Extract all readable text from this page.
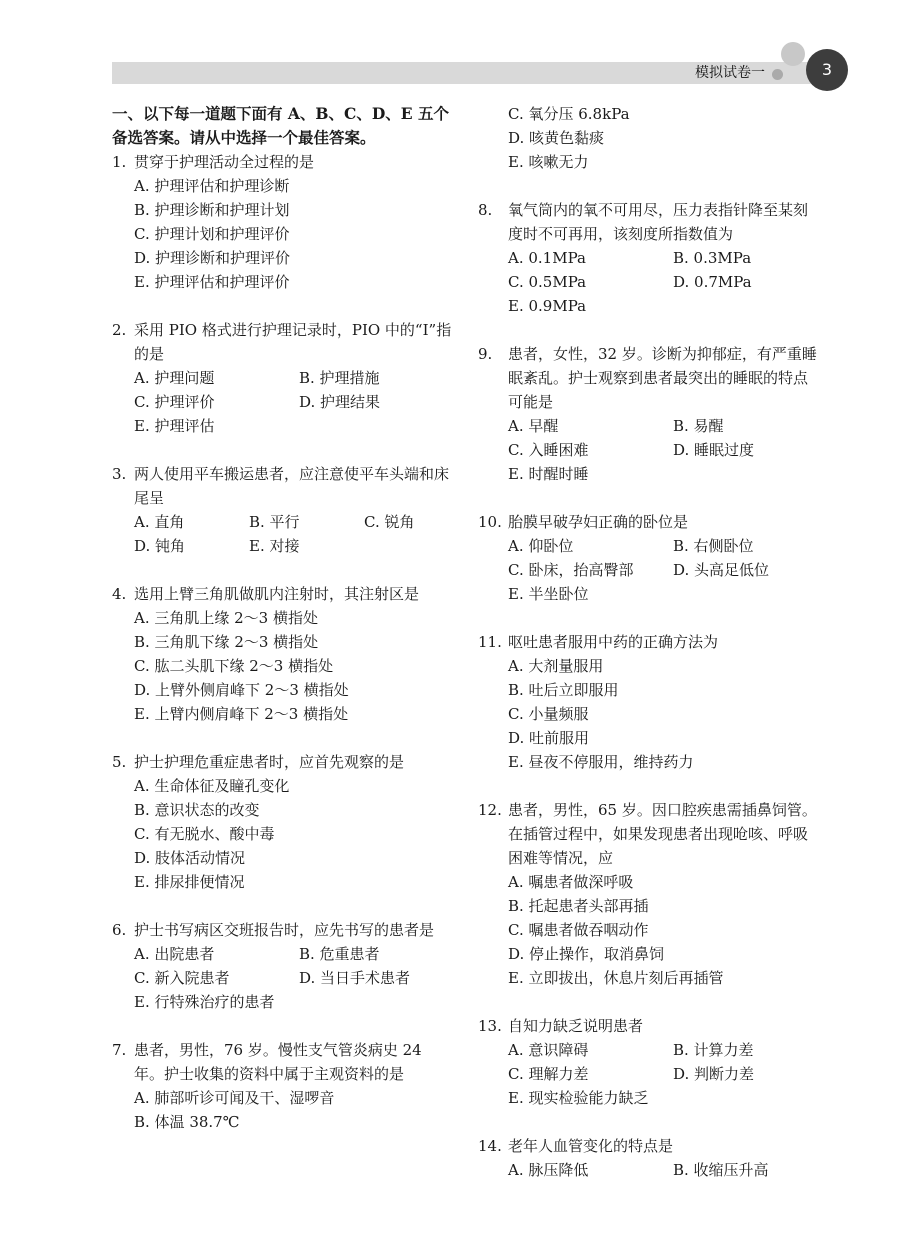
模拟试卷一	3

一、以下每一道题下面有 A、B、C、D、E 五个备选答案。请从中选择一个最佳答案。

1. 贯穿于护理活动全过程的是
A. 护理评估和护理诊断
B. 护理诊断和护理计划
C. 护理计划和护理评价
D. 护理诊断和护理评价
E. 护理评估和护理评价
2. 采用 PIO 格式进行护理记录时，PIO 中的“I”指的是
A. 护理问题	B. 护理措施
C. 护理评价	D. 护理结果
E. 护理评估
3. 两人使用平车搬运患者，应注意使平车头端和床尾呈
A. 直角	B. 平行	C. 锐角
D. 钝角	E. 对接
4. 选用上臂三角肌做肌内注射时，其注射区是
A. 三角肌上缘 2～3 横指处
B. 三角肌下缘 2～3 横指处
C. 肱二头肌下缘 2～3 横指处
D. 上臂外侧肩峰下 2～3 横指处
E. 上臂内侧肩峰下 2～3 横指处
5. 护士护理危重症患者时，应首先观察的是
A. 生命体征及瞳孔变化
B. 意识状态的改变
C. 有无脱水、酸中毒
D. 肢体活动情况
E. 排尿排便情况
6. 护士书写病区交班报告时，应先书写的患者是
A. 出院患者	B. 危重患者
C. 新入院患者	D. 当日手术患者
E. 行特殊治疗的患者
7. 患者，男性，76 岁。慢性支气管炎病史 24 年。护士收集的资料中属于主观资料的是
A. 肺部听诊可闻及干、湿啰音
B. 体温 38.7℃
C. 氧分压 6.8kPa
D. 咳黄色黏痰
E. 咳嗽无力
8.	氧气筒内的氧不可用尽，压力表指针降至某刻度时不可再用，该刻度所指数值为
A. 0.1MPa	B. 0.3MPa
C. 0.5MPa	D. 0.7MPa
E. 0.9MPa
9.	患者，女性，32 岁。诊断为抑郁症，有严重睡眠紊乱。护士观察到患者最突出的睡眠的特点可能是
A. 早醒	B. 易醒
C. 入睡困难	D. 睡眠过度
E. 时醒时睡
10. 胎膜早破孕妇正确的卧位是
A. 仰卧位	B. 右侧卧位
C. 卧床，抬高臀部	D. 头高足低位
E. 半坐卧位
11. 呕吐患者服用中药的正确方法为
A. 大剂量服用
B. 吐后立即服用
C. 小量频服
D. 吐前服用
E. 昼夜不停服用，维持药力
12. 患者，男性，65 岁。因口腔疾患需插鼻饲管。在插管过程中，如果发现患者出现呛咳、呼吸困难等情况，应
A. 嘱患者做深呼吸
B. 托起患者头部再插
C. 嘱患者做吞咽动作
D. 停止操作，取消鼻饲
E. 立即拔出，休息片刻后再插管
13. 自知力缺乏说明患者
A. 意识障碍	B. 计算力差
C. 理解力差	D. 判断力差
E. 现实检验能力缺乏
14. 老年人血管变化的特点是
A. 脉压降低	B. 收缩压升高
